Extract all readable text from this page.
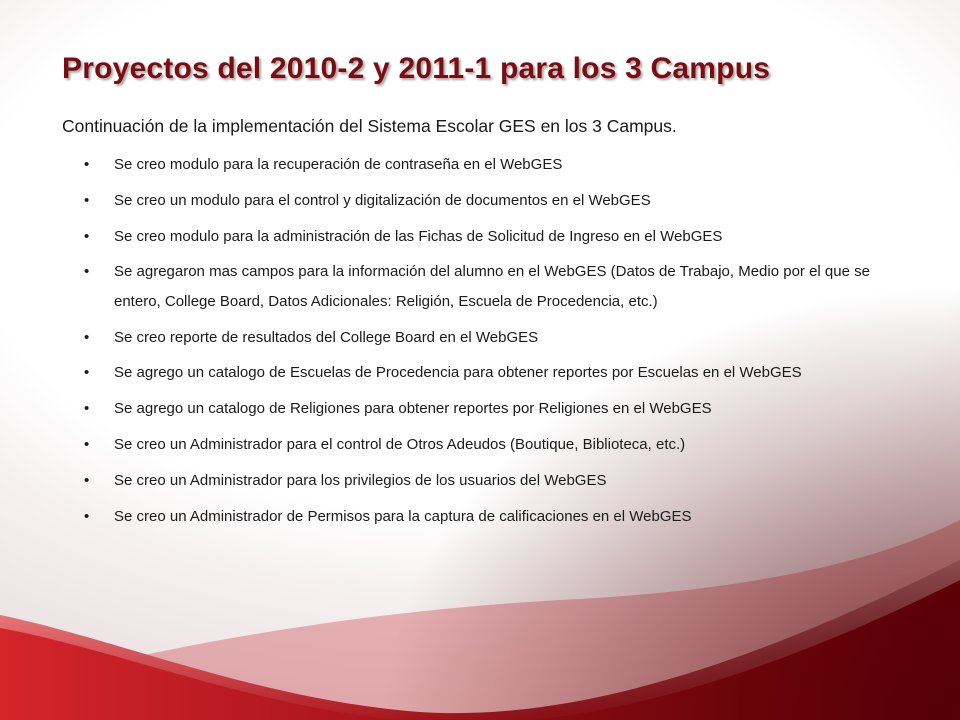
Proyectos del 2010-2 y 2011-1 para los 3 Campus

Continuación de la implementación del Sistema Escolar GES en los 3 Campus.

• Se creo modulo para la recuperación de contraseña en el WebGES
• Se creo un modulo para el control y digitalización de documentos en el WebGES
• Se creo modulo para la administración de las Fichas de Solicitud de Ingreso en el WebGES
• Se agregaron mas campos para la información del alumno en el WebGES (Datos de Trabajo, Medio por el que se entero, College Board, Datos Adicionales: Religión, Escuela de Procedencia, etc.)
• Se creo reporte de resultados del College Board en el WebGES
• Se agrego un catalogo de Escuelas de Procedencia para obtener reportes por Escuelas en el WebGES
• Se agrego un catalogo de Religiones para obtener reportes por Religiones en el WebGES
• Se creo un Administrador para el control de Otros Adeudos (Boutique, Biblioteca, etc.)
• Se creo un Administrador para los privilegios de los usuarios del WebGES
• Se creo un Administrador de Permisos para la captura de calificaciones en el WebGES
